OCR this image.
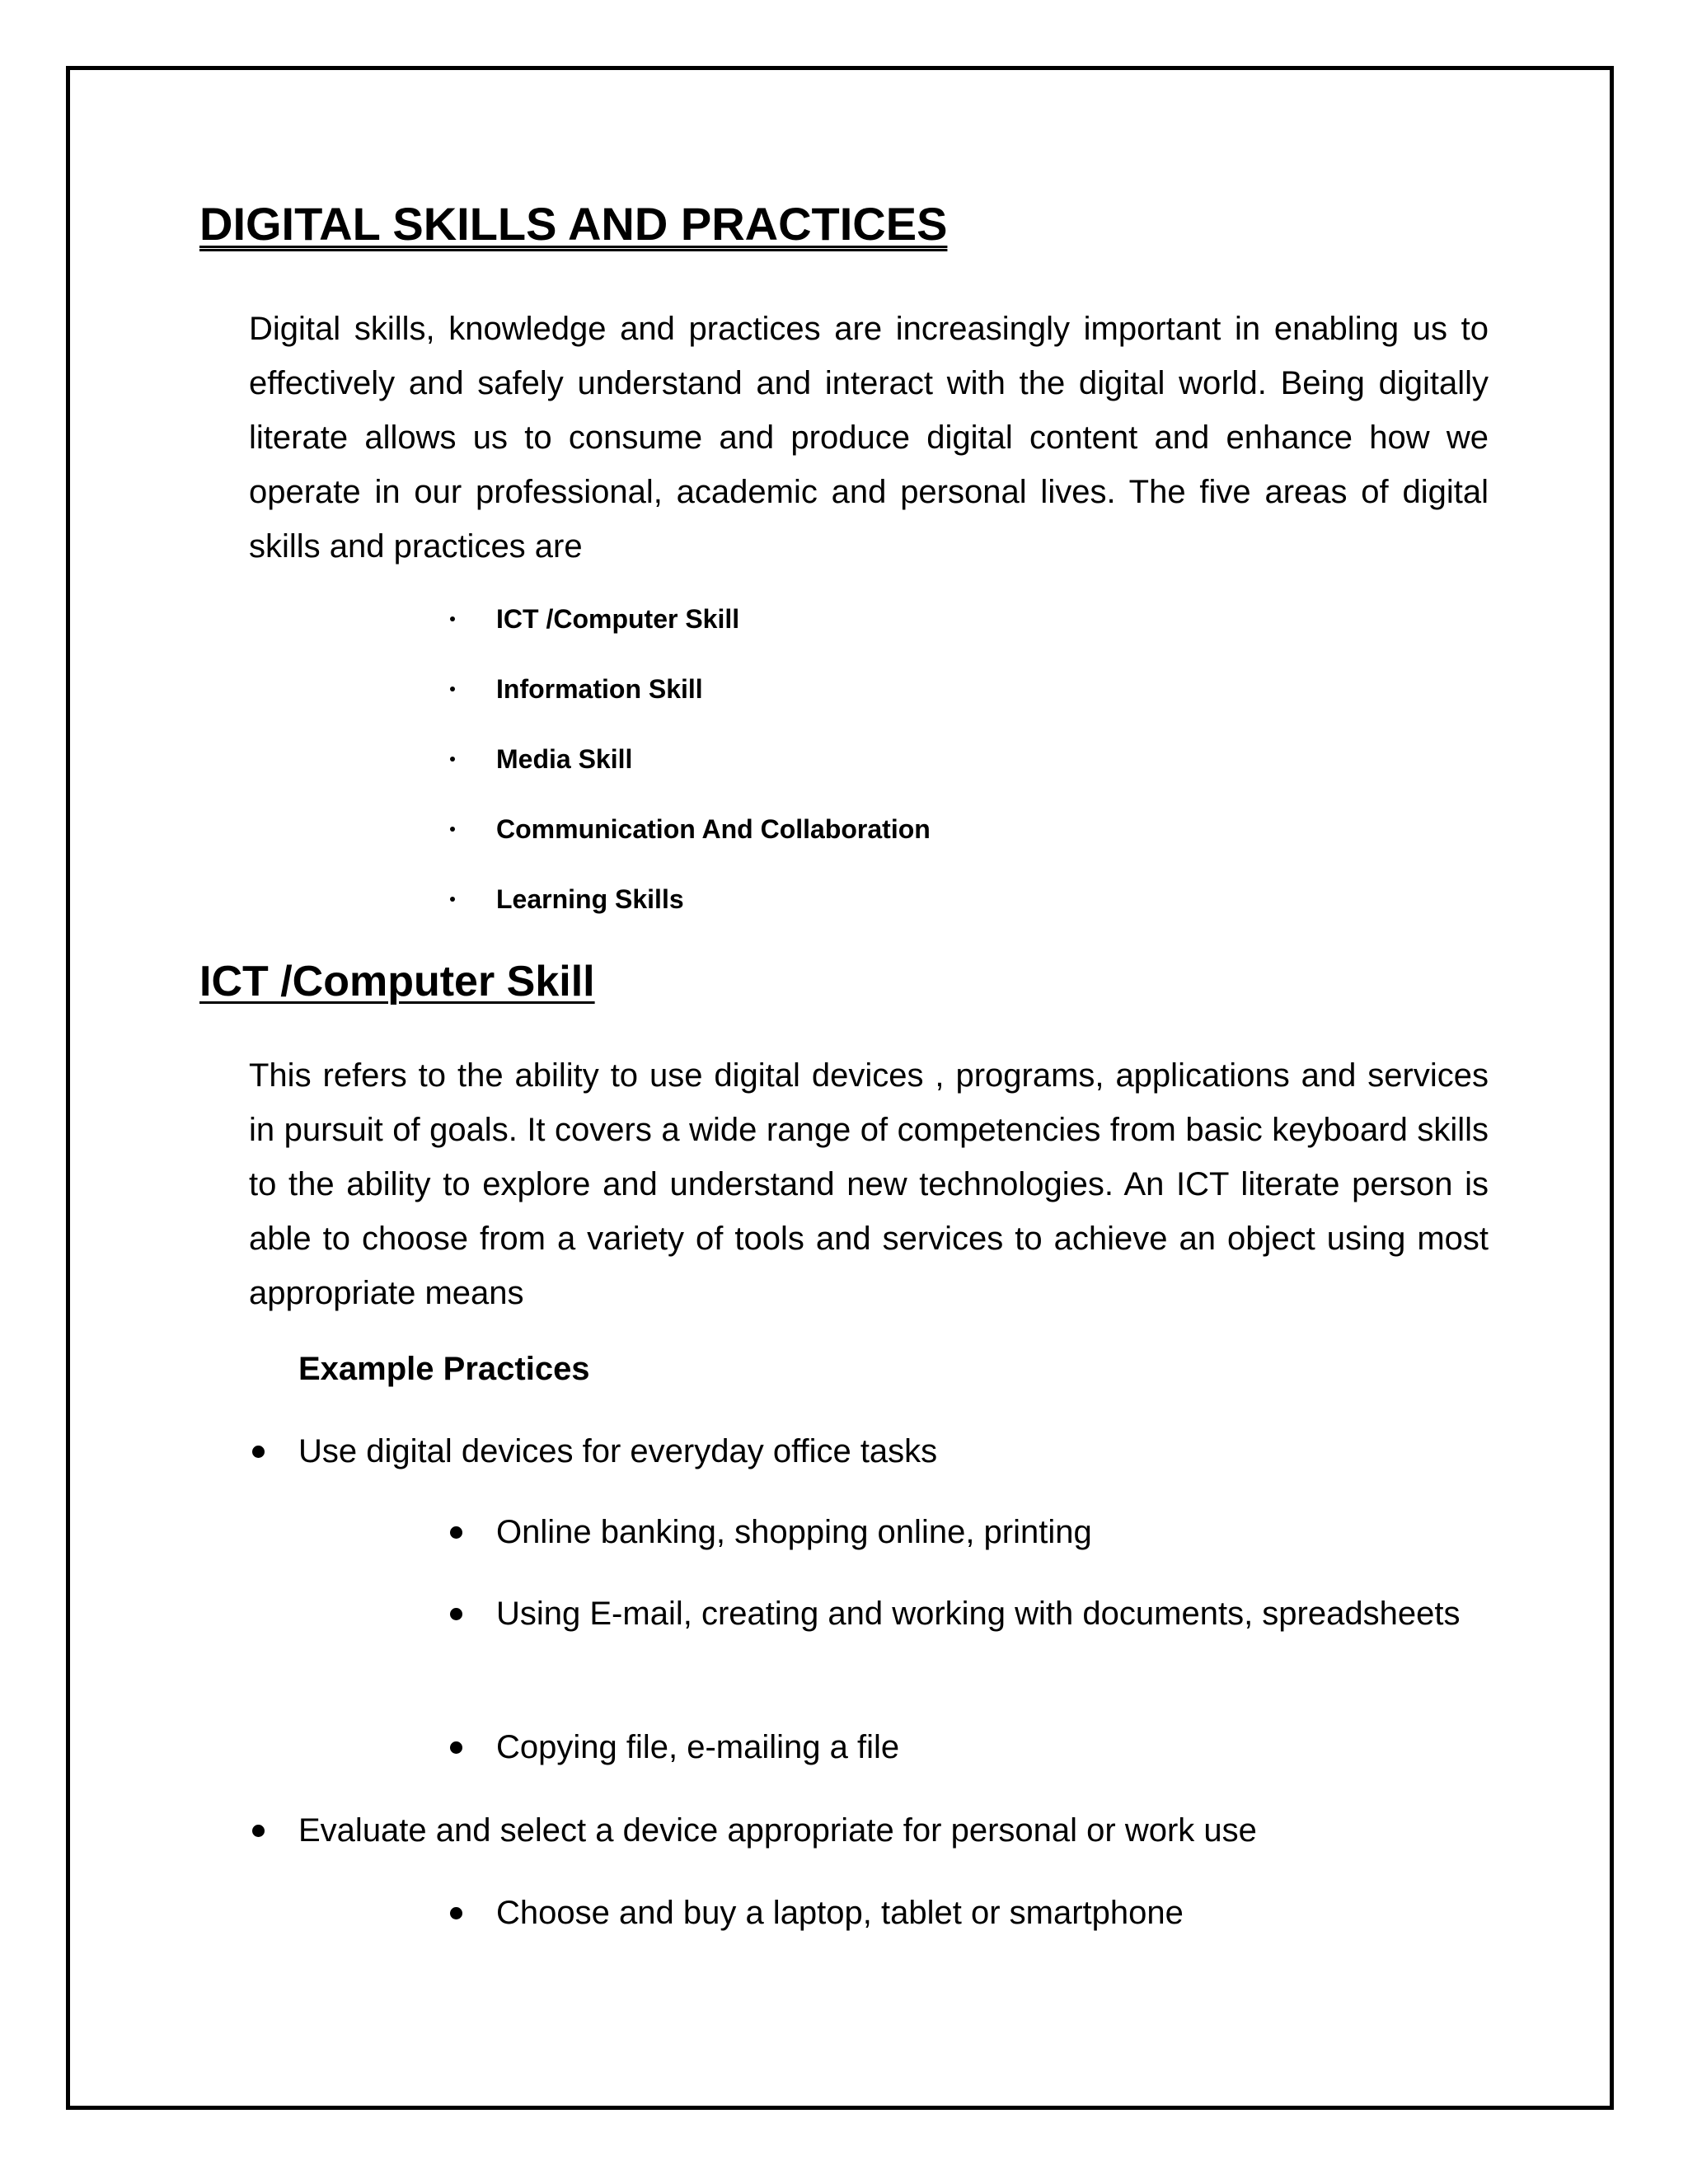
DIGITAL SKILLS AND PRACTICES

Digital skills, knowledge and practices are increasingly important in enabling us to effectively and safely understand and interact with the digital world. Being digitally literate allows us to consume and produce digital content and enhance how we operate in our professional, academic and personal lives. The five areas of digital skills and practices are

ICT /Computer Skill
Information Skill
Media Skill
Communication And Collaboration
Learning Skills
ICT /Computer Skill

This refers to the ability to use digital devices , programs, applications and services in pursuit of goals. It covers a wide range of competencies from basic keyboard skills to the ability to explore and understand new technologies. An ICT literate person is able to choose from a variety of tools and services to achieve an object using most appropriate means

Example Practices
Use digital devices for everyday office tasks
Online banking, shopping online, printing
Using E-mail, creating and working with documents, spreadsheets
Copying file, e-mailing a file
Evaluate and select a device appropriate for personal or work use
Choose and buy a laptop, tablet or smartphone
